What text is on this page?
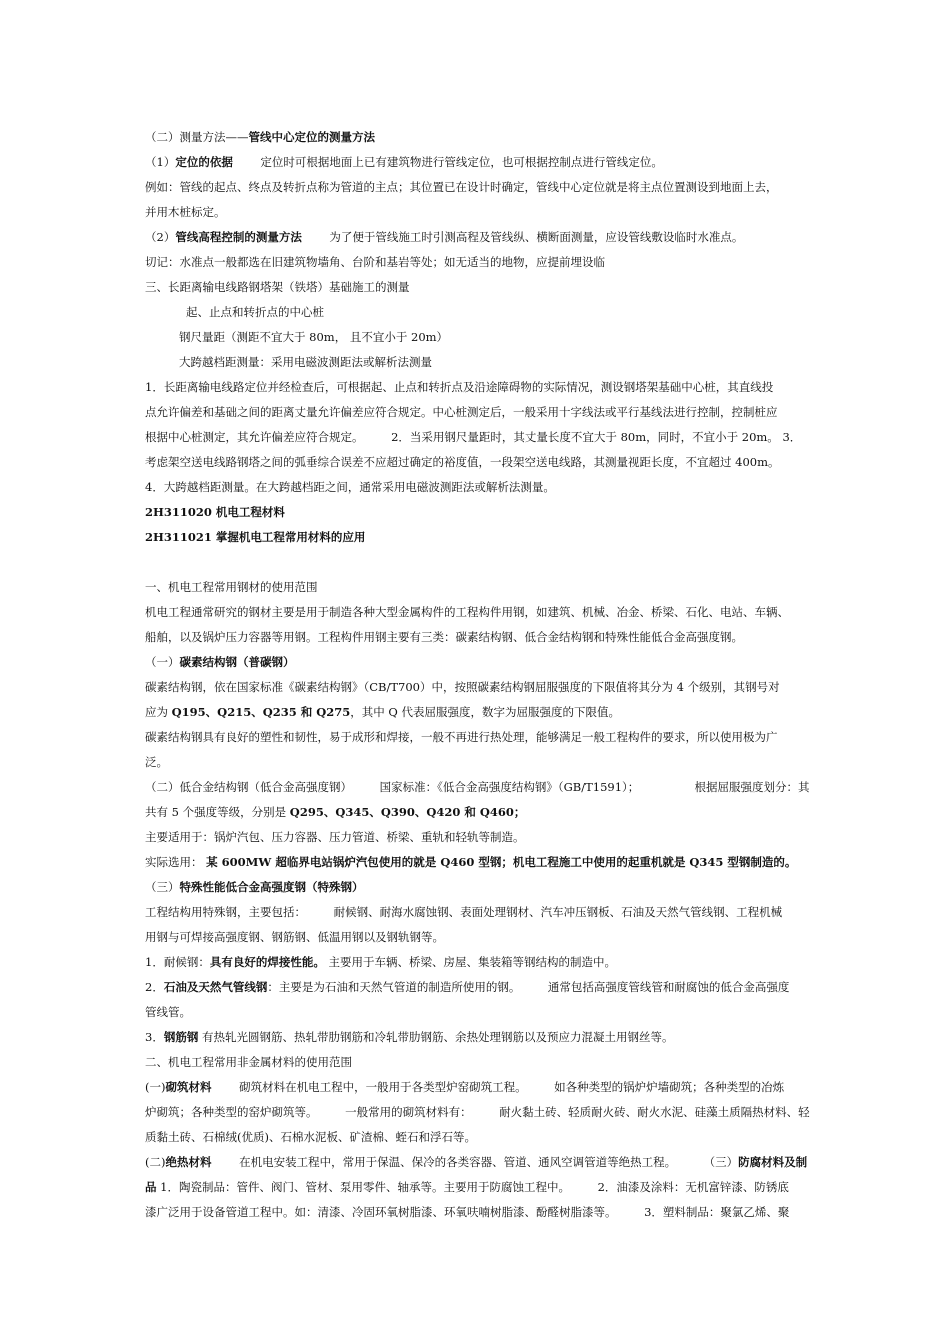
（二）测量方法——管线中心定位的测量方法
（1）定位的依据 定位时可根据地面上已有建筑物进行管线定位，也可根据控制点进行管线定位。
例如：管线的起点、终点及转折点称为管道的主点；其位置已在设计时确定，管线中心定位就是将主点位置测设到地面上去，
并用木桩标定。
（2）管线高程控制的测量方法 为了便于管线施工时引测高程及管线纵、横断面测量，应设管线敷设临时水准点。
切记：水准点一般都选在旧建筑物墙角、台阶和基岩等处；如无适当的地物，应提前埋设临
三、长距离输电线路钢塔架（铁塔）基础施工的测量
起、止点和转折点的中心桩
钢尺量距（测距不宜大于 80m， 且不宜小于 20m）
大跨越档距测量：采用电磁波测距法或解析法测量
1．长距离输电线路定位并经检查后，可根据起、止点和转折点及沿途障碍物的实际情况，测设钢塔架基础中心桩，其直线投
点允许偏差和基础之间的距离丈量允许偏差应符合规定。中心桩测定后，一般采用十字线法或平行基线法进行控制，控制桩应
根据中心桩测定，其允许偏差应符合规定。 2．当采用钢尺量距时，其丈量长度不宜大于 80m，同时，不宜小于 20m。 3．
考虑架空送电线路钢塔之间的弧垂综合误差不应超过确定的裕度值，一段架空送电线路，其测量视距长度，不宜超过 400m。
4．大跨越档距测量。在大跨越档距之间，通常采用电磁波测距法或解析法测量。
2H311020 机电工程材料
2H311021 掌握机电工程常用材料的应用
一、机电工程常用钢材的使用范围
机电工程通常研究的钢材主要是用于制造各种大型金属构件的工程构件用钢，如建筑、机械、冶金、桥梁、石化、电站、车辆、
船舶，以及锅炉压力容器等用钢。工程构件用钢主要有三类：碳素结构钢、低合金结构钢和特殊性能低合金高强度钢。
（一）碳素结构钢（普碳钢）
碳素结构钢，依在国家标准《碳素结构钢》（CB/T700）中，按照碳素结构钢屈服强度的下限值将其分为 4 个级别，其钢号对
应为 Q195、Q215、Q235 和 Q275，其中 Q 代表屈服强度，数字为屈服强度的下限值。
碳素结构钢具有良好的塑性和韧性，易于成形和焊接，一般不再进行热处理，能够满足一般工程构件的要求，所以使用极为广
泛。
（二）低合金结构钢（低合金高强度钢） 国家标准：《低合金高强度结构钢》（GB/T1591）；	根据屈服强度划分：其
共有 5 个强度等级，分别是 Q295、Q345、Q390、Q420 和 Q460；
主要适用于：锅炉汽包、压力容器、压力管道、桥梁、重轨和轻轨等制造。
实际选用： 某 600MW 超临界电站锅炉汽包使用的就是 Q460 型钢；机电工程施工中使用的起重机就是 Q345 型钢制造的。
（三）特殊性能低合金高强度钢（特殊钢）
工程结构用特殊钢，主要包括： 耐候钢、耐海水腐蚀钢、表面处理钢材、汽车冲压钢板、石油及天然气管线钢、工程机械
用钢与可焊接高强度钢、钢筋钢、低温用钢以及钢轨钢等。
1．耐候钢：具有良好的焊接性能。 主要用于车辆、桥梁、房屋、集装箱等钢结构的制造中。
2．石油及天然气管线钢：主要是为石油和天然气管道的制造所使用的钢。 通常包括高强度管线管和耐腐蚀的低合金高强度
管线管。
3．钢筋钢 有热轧光圆钢筋、热轧带肋钢筋和冷轧带肋钢筋、余热处理钢筋以及预应力混凝土用钢丝等。
二、机电工程常用非金属材料的使用范围
(一)砌筑材料 砌筑材料在机电工程中，一般用于各类型炉窑砌筑工程。 如各种类型的锅炉炉墙砌筑；各种类型的冶炼
炉砌筑；各种类型的窑炉砌筑等。 一般常用的砌筑材料有： 耐火黏土砖、轻质耐火砖、耐火水泥、硅藻土质隔热材料、轻
质黏土砖、石棉绒(优质)、石棉水泥板、矿渣棉、蛭石和浮石等。
(二)绝热材料 在机电安装工程中，常用于保温、保冷的各类容器、管道、通风空调管道等绝热工程。 （三）防腐材料及制
品 1．陶瓷制品：管件、阀门、管材、泵用零件、轴承等。主要用于防腐蚀工程中。 2．油漆及涂料：无机富锌漆、防锈底
漆广泛用于设备管道工程中。如：清漆、冷固环氧树脂漆、环氧呋喃树脂漆、酚醛树脂漆等。 3．塑料制品：聚氯乙烯、聚
